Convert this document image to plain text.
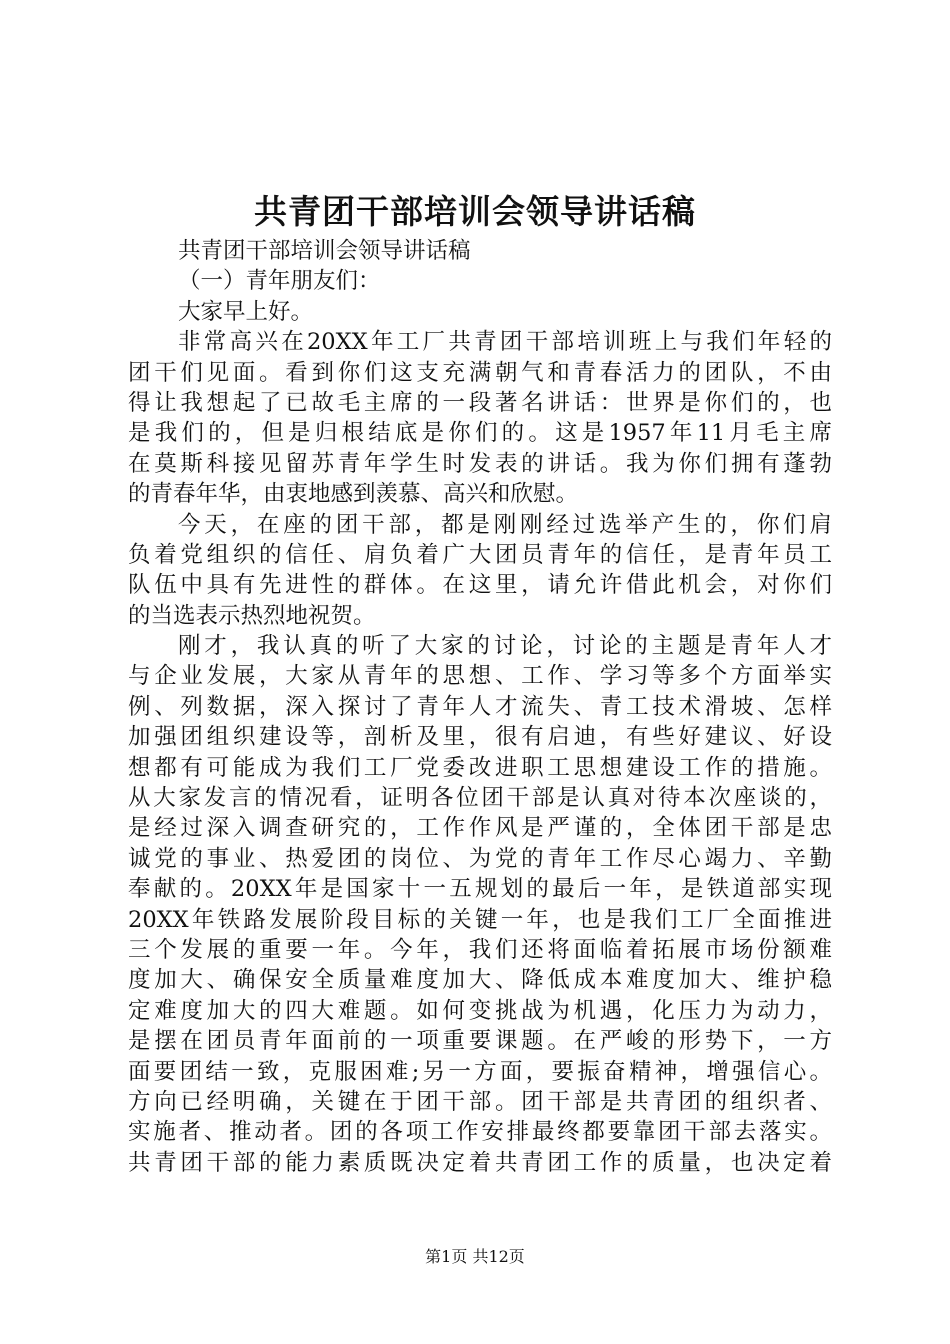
共青团干部培训会领导讲话稿
共青团干部培训会领导讲话稿
（一）青年朋友们：
大家早上好。
非常高兴在20XX年工厂共青团干部培训班上与我们年轻的
团干们见面。看到你们这支充满朝气和青春活力的团队，不由
得让我想起了已故毛主席的一段著名讲话：世界是你们的，也
是我们的，但是归根结底是你们的。这是1957年11月毛主席
在莫斯科接见留苏青年学生时发表的讲话。我为你们拥有蓬勃
的青春年华，由衷地感到羡慕、高兴和欣慰。
今天，在座的团干部，都是刚刚经过选举产生的，你们肩
负着党组织的信任、肩负着广大团员青年的信任，是青年员工
队伍中具有先进性的群体。在这里，请允许借此机会，对你们
的当选表示热烈地祝贺。
刚才，我认真的听了大家的讨论，讨论的主题是青年人才
与企业发展，大家从青年的思想、工作、学习等多个方面举实
例、列数据，深入探讨了青年人才流失、青工技术滑坡、怎样
加强团组织建设等，剖析及里，很有启迪，有些好建议、好设
想都有可能成为我们工厂党委改进职工思想建设工作的措施。
从大家发言的情况看，证明各位团干部是认真对待本次座谈的，
是经过深入调查研究的，工作作风是严谨的，全体团干部是忠
诚党的事业、热爱团的岗位、为党的青年工作尽心竭力、辛勤
奉献的。20XX年是国家十一五规划的最后一年，是铁道部实现
20XX年铁路发展阶段目标的关键一年，也是我们工厂全面推进
三个发展的重要一年。今年，我们还将面临着拓展市场份额难
度加大、确保安全质量难度加大、降低成本难度加大、维护稳
定难度加大的四大难题。如何变挑战为机遇，化压力为动力，
是摆在团员青年面前的一项重要课题。在严峻的形势下，一方
面要团结一致，克服困难;另一方面，要振奋精神，增强信心。
方向已经明确，关键在于团干部。团干部是共青团的组织者、
实施者、推动者。团的各项工作安排最终都要靠团干部去落实。
共青团干部的能力素质既决定着共青团工作的质量，也决定着
第1页 共12页
